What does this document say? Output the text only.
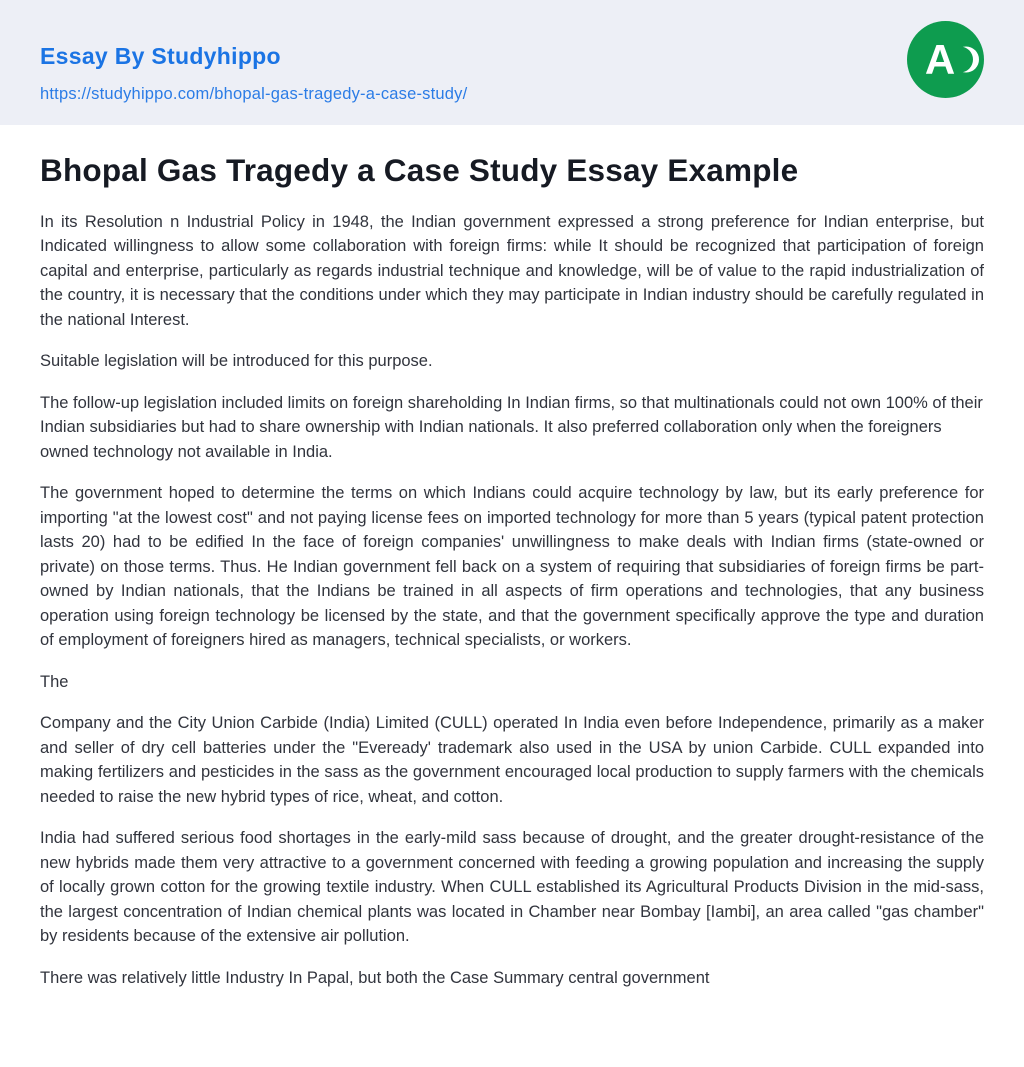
Essay By Studyhippo
https://studyhippo.com/bhopal-gas-tragedy-a-case-study/
A
Bhopal Gas Tragedy a Case Study Essay Example

In its Resolution n Industrial Policy in 1948, the Indian government expressed a strong preference for Indian enterprise, but Indicated willingness to allow some collaboration with foreign firms: while It should be recognized that participation of foreign capital and enterprise, particularly as regards industrial technique and knowledge, will be of value to the rapid industrialization of the country, it is necessary that the conditions under which they may participate in Indian industry should be carefully regulated in the national Interest.

Suitable legislation will be introduced for this purpose.

The follow-up legislation included limits on foreign shareholding In Indian firms, so that multinationals could not own 100% of their Indian subsidiaries but had to share ownership with Indian nationals. It also preferred collaboration only when the foreigners owned technology not available in India.

The government hoped to determine the terms on which Indians could acquire technology by law, but its early preference for importing "at the lowest cost" and not paying license fees on imported technology for more than 5 years (typical patent protection lasts 20) had to be edified In the face of foreign companies' unwillingness to make deals with Indian firms (state-owned or private) on those terms. Thus. He Indian government fell back on a system of requiring that subsidiaries of foreign firms be part-owned by Indian nationals, that the Indians be trained in all aspects of firm operations and technologies, that any business operation using foreign technology be licensed by the state, and that the government specifically approve the type and duration of employment of foreigners hired as managers, technical specialists, or workers.

The

Company and the City Union Carbide (India) Limited (CULL) operated In India even before Independence, primarily as a maker and seller of dry cell batteries under the "Eveready' trademark also used in the USA by union Carbide. CULL expanded into making fertilizers and pesticides in the sass as the government encouraged local production to supply farmers with the chemicals needed to raise the new hybrid types of rice, wheat, and cotton.

India had suffered serious food shortages in the early-mild sass because of drought, and the greater drought-resistance of the new hybrids made them very attractive to a government concerned with feeding a growing population and increasing the supply of locally grown cotton for the growing textile industry. When CULL established its Agricultural Products Division in the mid-sass, the largest concentration of Indian chemical plants was located in Chamber near Bombay [Iambi], an area called "gas chamber" by residents because of the extensive air pollution.

There was relatively little Industry In Papal, but both the Case Summary central government
